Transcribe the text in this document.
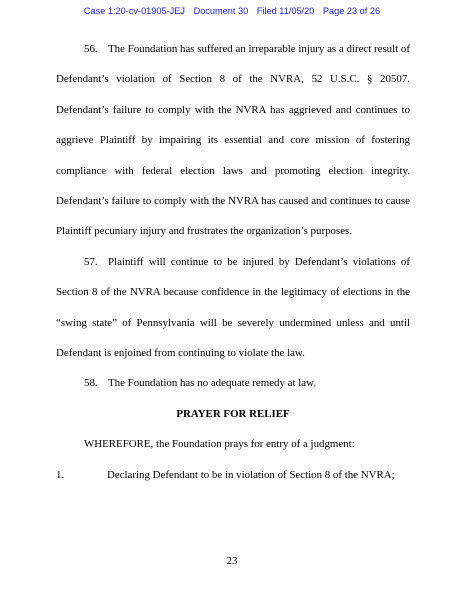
Case 1:20-cv-01905-JEJ Document 30 Filed 11/05/20 Page 23 of 26

56. The Foundation has suffered an irreparable injury as a direct result of Defendant’s violation of Section 8 of the NVRA, 52 U.S.C. § 20507. Defendant’s failure to comply with the NVRA has aggrieved and continues to aggrieve Plaintiff by impairing its essential and core mission of fostering compliance with federal election laws and promoting election integrity. Defendant’s failure to comply with the NVRA has caused and continues to cause Plaintiff pecuniary injury and frustrates the organization’s purposes.

57. Plaintiff will continue to be injured by Defendant’s violations of Section 8 of the NVRA because confidence in the legitimacy of elections in the “swing state” of Pennsylvania will be severely undermined unless and until Defendant is enjoined from continuing to violate the law.

58. The Foundation has no adequate remedy at law.

PRAYER FOR RELIEF

WHEREFORE, the Foundation prays for entry of a judgment:

1.	Declaring Defendant to be in violation of Section 8 of the NVRA;

23
